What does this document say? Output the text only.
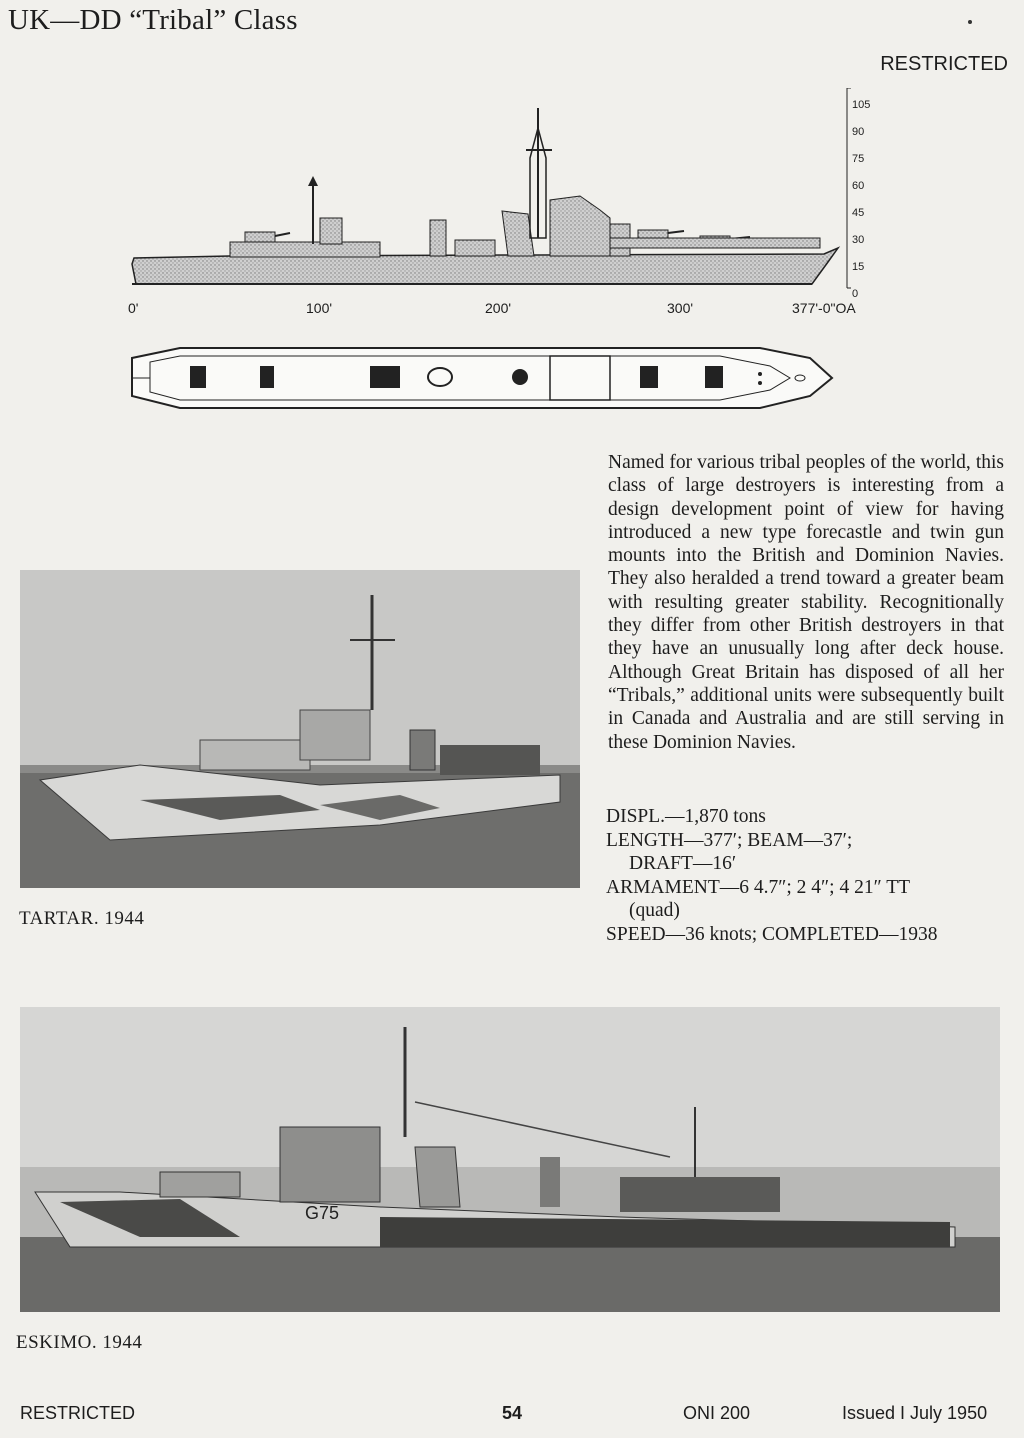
UK—DD “Tribal” Class
RESTRICTED
105
90
75
60
45
30
15
0
0'	100'	200'	300'	377'-0"OA
Named for various tribal peoples of the world, this class of large destroyers is interesting from a design development point of view for having introduced a new type forecastle and twin gun mounts into the British and Dominion Navies. They also heralded a trend toward a greater beam with resulting greater stability. Recognitionally they differ from other British destroyers in that they have an unusually long after deck house. Although Great Britain has disposed of all her “Tribals,” additional units were subsequently built in Canada and Australia and are still serving in these Dominion Navies.
DISPL.—1,870 tons
LENGTH—377′; BEAM—37′;
DRAFT—16′
ARMAMENT—6 4.7″; 2 4″; 4 21″ TT
(quad)
SPEED—36 knots; COMPLETED—1938
TARTAR. 1944
G75
ESKIMO. 1944
RESTRICTED	54	ONI 200	Issued I July 1950
